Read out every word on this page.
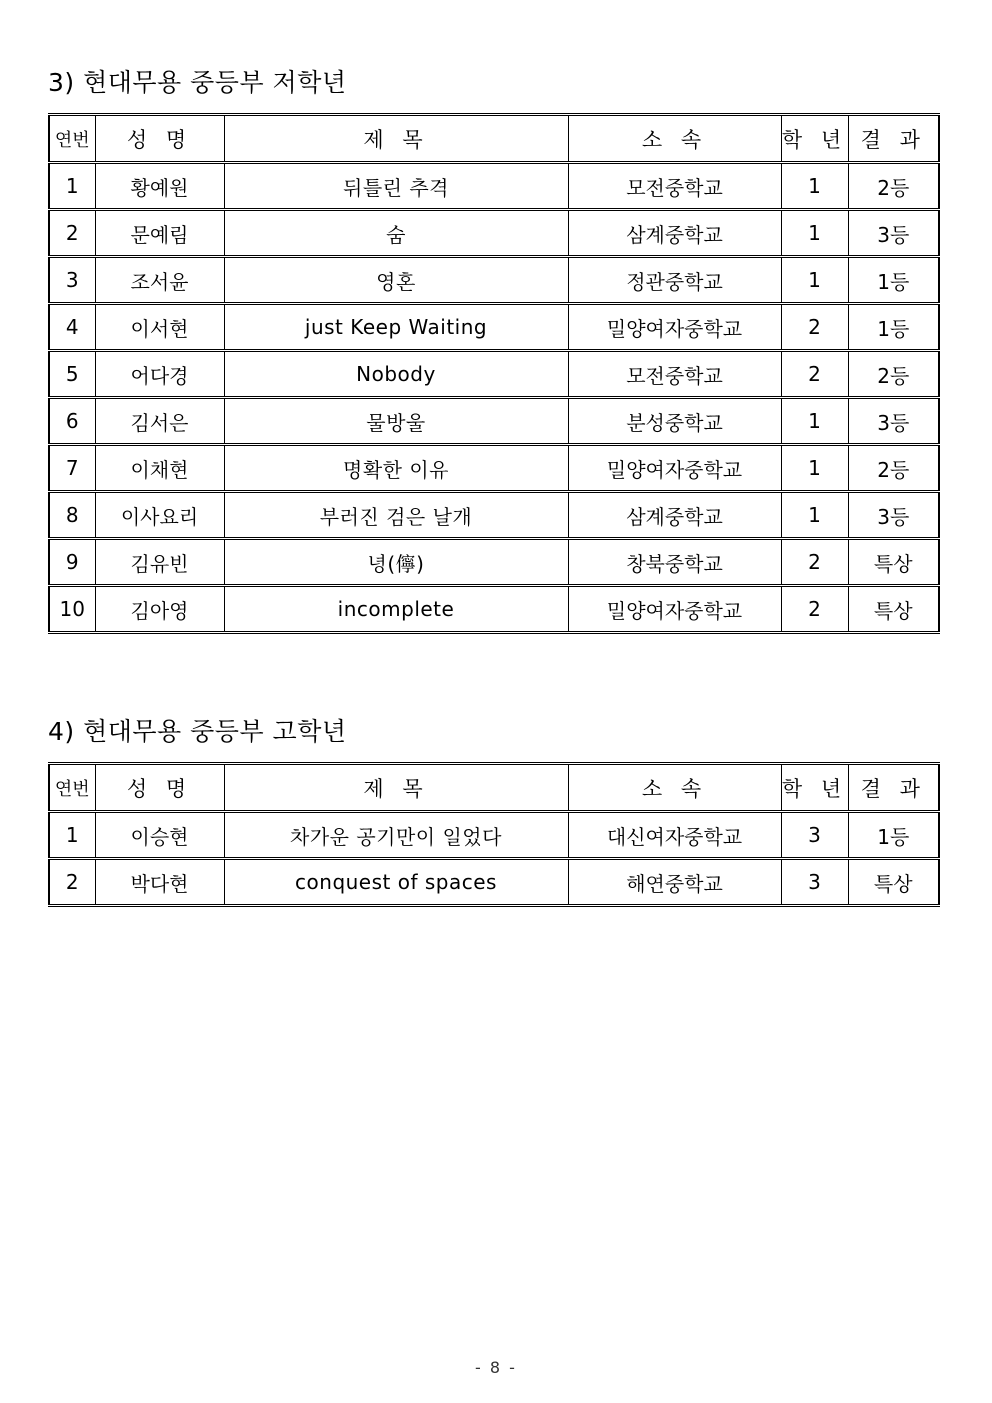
3) 현대무용 중등부 저학년
연번	성 명	제 목	소 속	학 년	결 과
1	황예원	뒤틀린 추격	모전중학교	1	2등
2	문예림	숨	삼계중학교	1	3등
3	조서윤	영혼	정관중학교	1	1등
4	이서현	just Keep Waiting	밀양여자중학교	2	1등
5	어다경	Nobody	모전중학교	2	2등
6	김서은	물방울	분성중학교	1	3등
7	이채현	명확한 이유	밀양여자중학교	1	2등
8	이사요리	부러진 검은 날개	삼계중학교	1	3등
9	김유빈	녕(儜)	창북중학교	2	특상
10	김아영	incomplete	밀양여자중학교	2	특상
4) 현대무용 중등부 고학년
연번	성 명	제 목	소 속	학 년	결 과
1	이승현	차가운 공기만이 일었다	대신여자중학교	3	1등
2	박다현	conquest of spaces	해연중학교	3	특상
- 8 -
